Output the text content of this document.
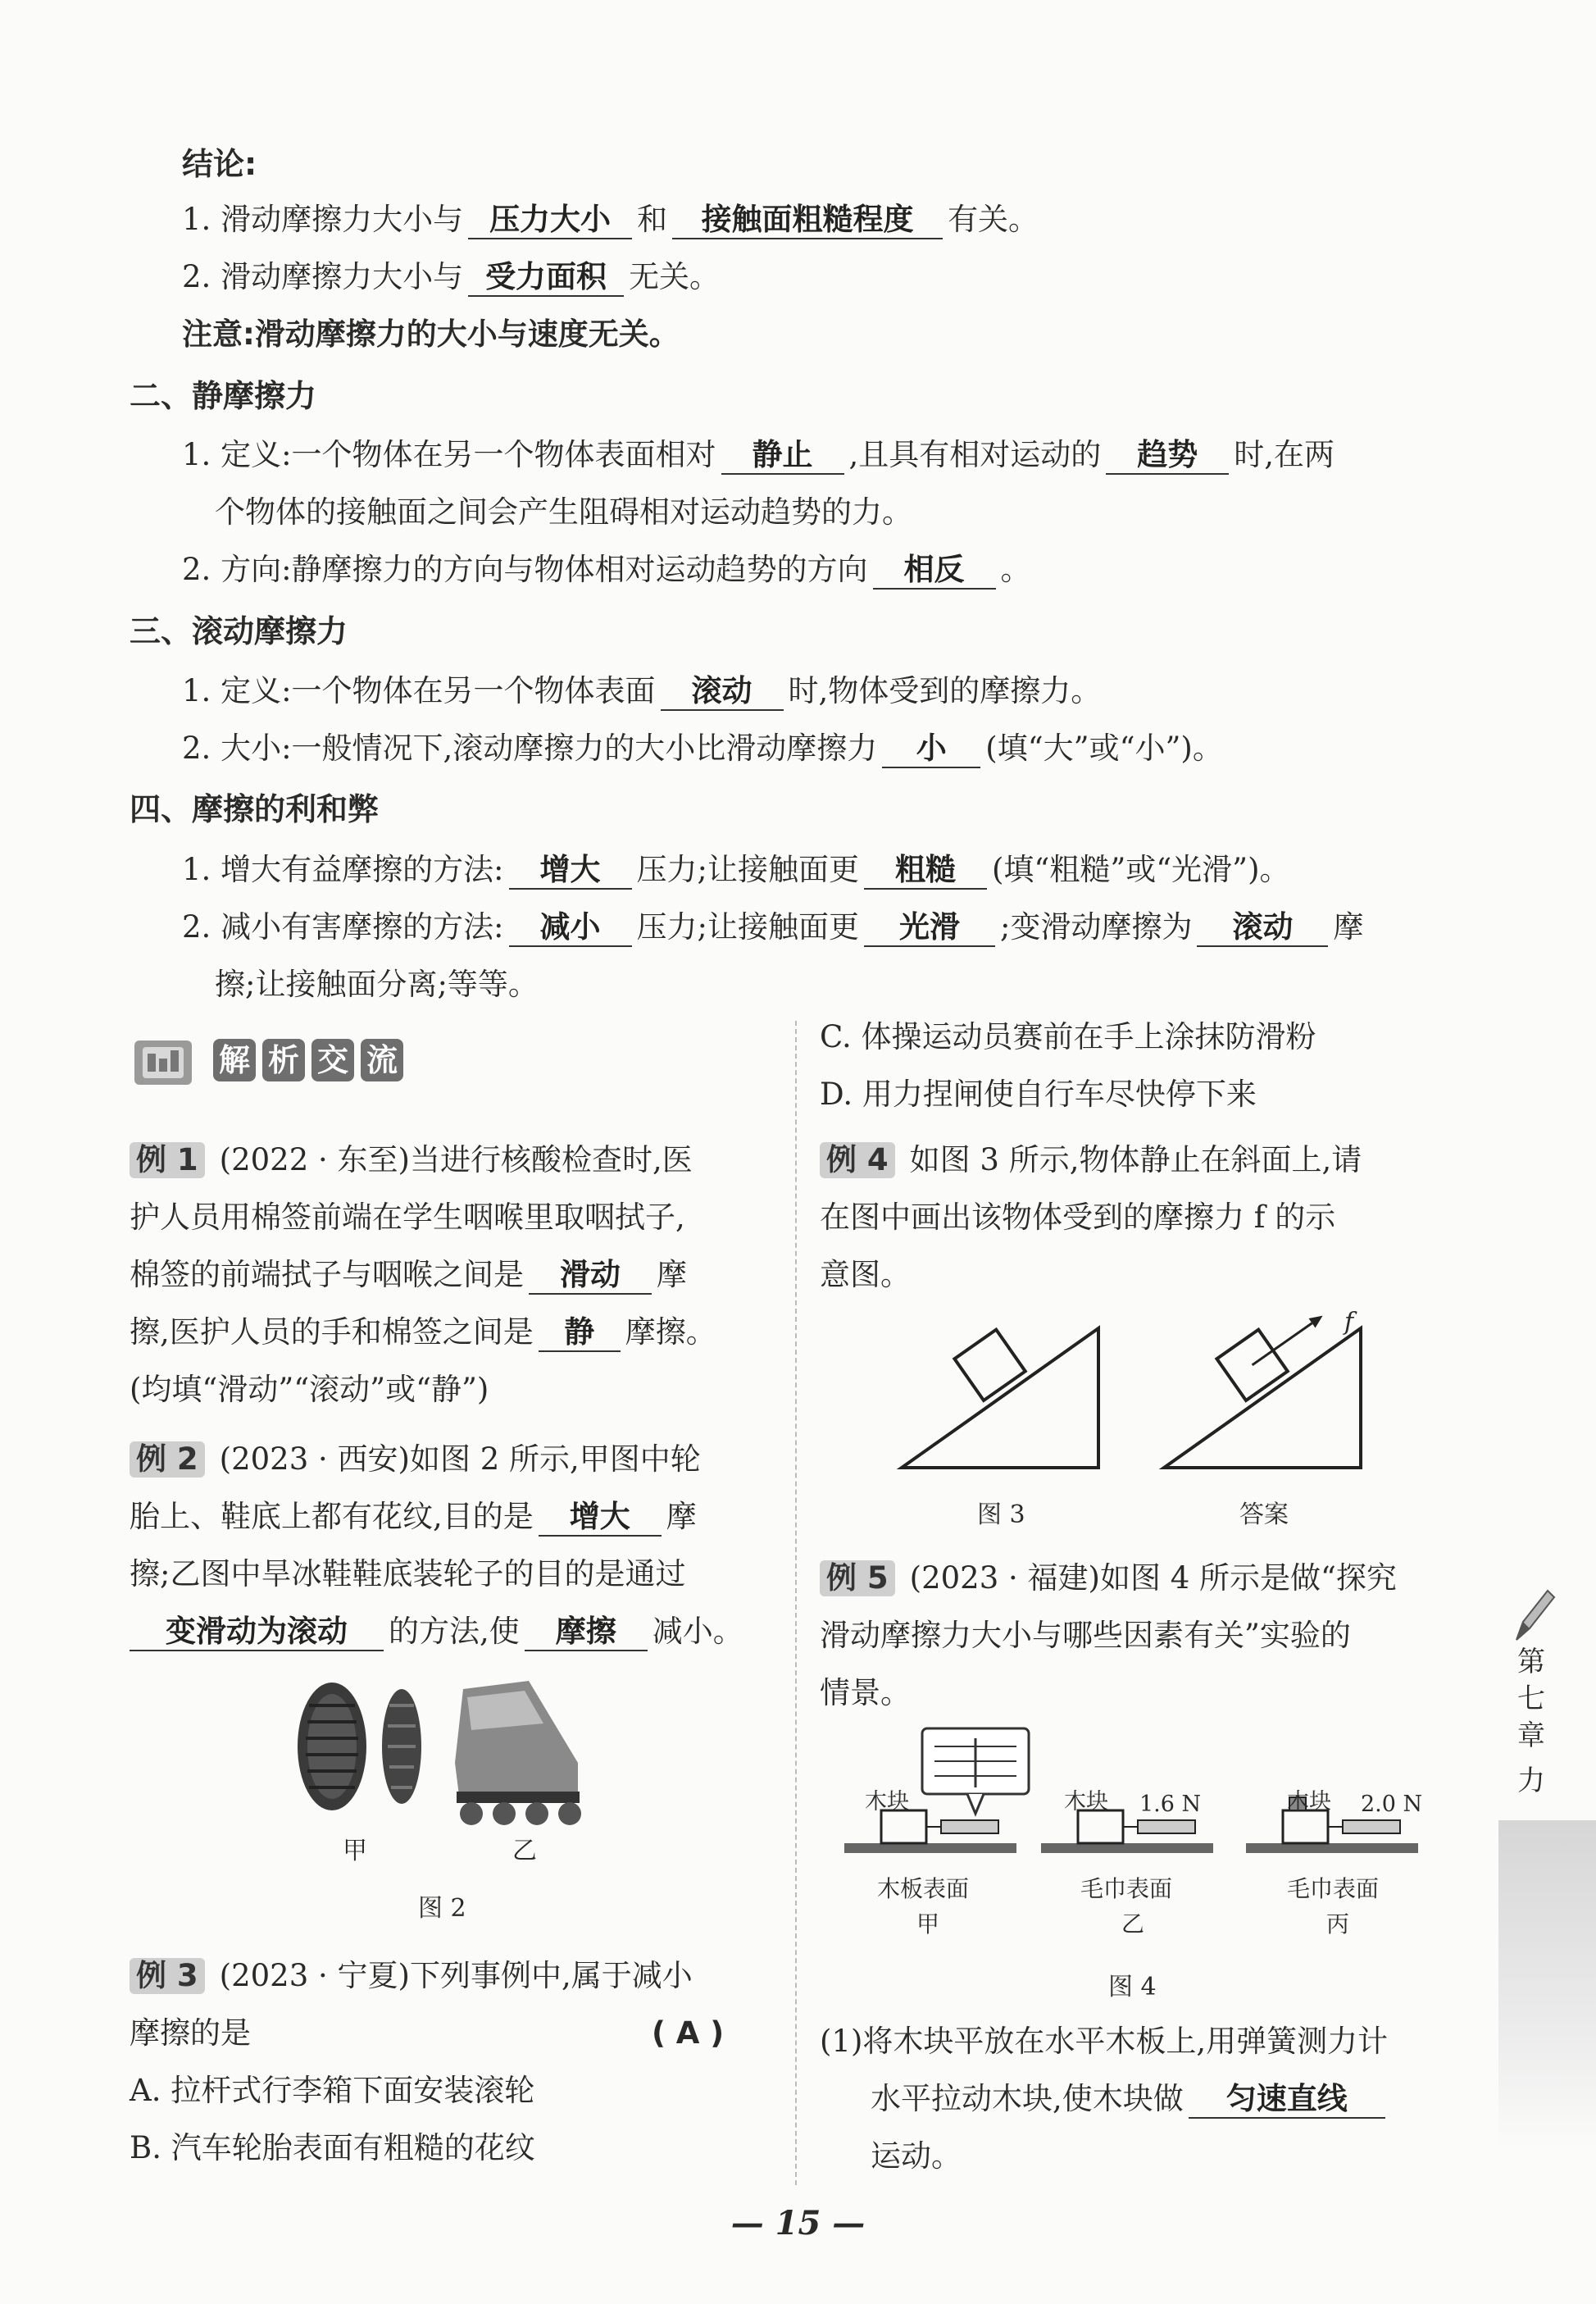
结论:
1. 滑动摩擦力大小与 压力大小 和 接触面粗糙程度 有关。
2. 滑动摩擦力大小与 受力面积 无关。
注意:滑动摩擦力的大小与速度无关。
二、静摩擦力
1. 定义:一个物体在另一个物体表面相对 静止 ,且具有相对运动的 趋势 时,在两
个物体的接触面之间会产生阻碍相对运动趋势的力。
2. 方向:静摩擦力的方向与物体相对运动趋势的方向 相反 。
三、滚动摩擦力
1. 定义:一个物体在另一个物体表面 滚动 时,物体受到的摩擦力。
2. 大小:一般情况下,滚动摩擦力的大小比滑动摩擦力 小 (填“大”或“小”)。
四、摩擦的利和弊
1. 增大有益摩擦的方法: 增大 压力;让接触面更 粗糙 (填“粗糙”或“光滑”)。
2. 减小有害摩擦的方法: 减小 压力;让接触面更 光滑 ;变滑动摩擦为 滚动 摩
擦;让接触面分离;等等。
解 析 交 流
例 1 (2022 · 东至)当进行核酸检查时,医
护人员用棉签前端在学生咽喉里取咽拭子,
棉签的前端拭子与咽喉之间是 滑动 摩
擦,医护人员的手和棉签之间是 静 摩擦。
(均填“滑动”“滚动”或“静”)
例 2 (2023 · 西安)如图 2 所示,甲图中轮
胎上、鞋底上都有花纹,目的是 增大 摩
擦;乙图中旱冰鞋鞋底装轮子的目的是通过
变滑动为滚动 的方法,使 摩擦 减小。
甲	乙
图 2
例 3 (2023 · 宁夏)下列事例中,属于减小
摩擦的是	( A )
A. 拉杆式行李箱下面安装滚轮
B. 汽车轮胎表面有粗糙的花纹
C. 体操运动员赛前在手上涂抹防滑粉
D. 用力捏闸使自行车尽快停下来
例 4 如图 3 所示,物体静止在斜面上,请
在图中画出该物体受到的摩擦力 f 的示
意图。
f
图 3	答案
例 5 (2023 · 福建)如图 4 所示是做“探究
滑动摩擦力大小与哪些因素有关”实验的
情景。
木块	木块 1.6 N	木块 2.0 N
木板表面	毛巾表面	毛巾表面
甲	乙	丙
图 4
(1)将木块平放在水平木板上,用弹簧测力计
水平拉动木块,使木块做 匀速直线
运动。
第
七
章
力
— 15 —
